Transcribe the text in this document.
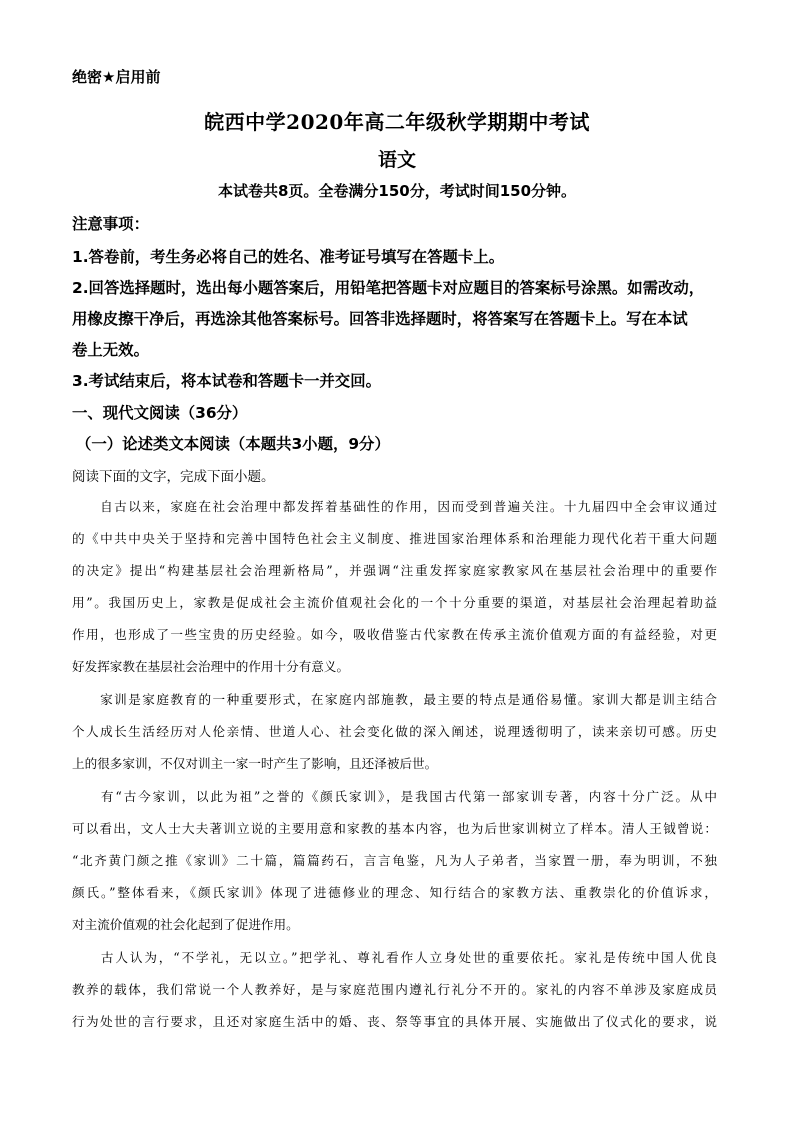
绝密★启用前
皖西中学2020年高二年级秋学期期中考试
语文
本试卷共8页。全卷满分150分，考试时间150分钟。
注意事项：
1.答卷前，考生务必将自己的姓名、准考证号填写在答题卡上。
2.回答选择题时，选出每小题答案后，用铅笔把答题卡对应题目的答案标号涂黑。如需改动，
用橡皮擦干净后，再选涂其他答案标号。回答非选择题时，将答案写在答题卡上。写在本试
卷上无效。
3.考试结束后，将本试卷和答题卡一并交回。
一、现代文阅读（36分）
（一）论述类文本阅读（本题共3小题，9分）
阅读下面的文字，完成下面小题。
　　自古以来，家庭在社会治理中都发挥着基础性的作用，因而受到普遍关注。十九届四中全会审议通过
的《中共中央关于坚持和完善中国特色社会主义制度、推进国家治理体系和治理能力现代化若干重大问题
的决定》提出“构建基层社会治理新格局”，并强调“注重发挥家庭家教家风在基层社会治理中的重要作
用”。我国历史上，家教是促成社会主流价值观社会化的一个十分重要的渠道，对基层社会治理起着助益
作用，也形成了一些宝贵的历史经验。如今，吸收借鉴古代家教在传承主流价值观方面的有益经验，对更
好发挥家教在基层社会治理中的作用十分有意义。
　　家训是家庭教育的一种重要形式，在家庭内部施教，最主要的特点是通俗易懂。家训大都是训主结合
个人成长生活经历对人伦亲情、世道人心、社会变化做的深入阐述，说理透彻明了，读来亲切可感。历史
上的很多家训，不仅对训主一家一时产生了影响，且还泽被后世。
　　有“古今家训，以此为祖”之誉的《颜氏家训》，是我国古代第一部家训专著，内容十分广泛。从中
可以看出，文人士大夫著训立说的主要用意和家教的基本内容，也为后世家训树立了样本。清人王钺曾说：
“北齐黄门颜之推《家训》二十篇，篇篇药石，言言龟鉴，凡为人子弟者，当家置一册，奉为明训，不独
颜氏。”整体看来，《颜氏家训》体现了进德修业的理念、知行结合的家教方法、重教崇化的价值诉求，
对主流价值观的社会化起到了促进作用。
　　古人认为，“不学礼，无以立。”把学礼、尊礼看作人立身处世的重要依托。家礼是传统中国人优良
教养的载体，我们常说一个人教养好，是与家庭范围内遵礼行礼分不开的。家礼的内容不单涉及家庭成员
行为处世的言行要求，且还对家庭生活中的婚、丧、祭等事宜的具体开展、实施做出了仪式化的要求，说
